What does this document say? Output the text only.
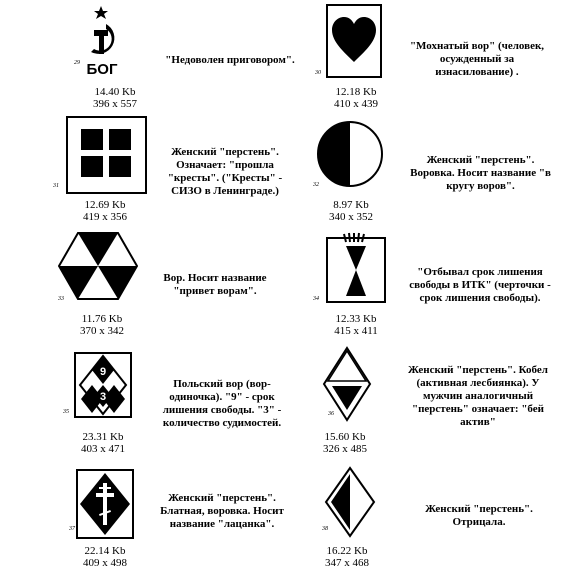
БОГ
29
14.40 Kb
396 x 557
"Недоволен приговором".
31
12.69 Kb
419 x 356
Женский "перстень".
Означает: "прошла
"кресты". ("Кресты" -
СИЗО в Ленинграде.)
33
11.76 Kb
370 x 342
Вор. Носит название
"привет ворам".
9
3
35
23.31 Kb
403 x 471
Польский вор (вор-
одиночка). "9" - срок
лишения свободы. "3" -
количество судимостей.
37
22.14 Kb
409 x 498
Женский "перстень".
Блатная, воровка. Носит
название "лацанка".
30
12.18 Kb
410 x 439
"Мохнатый вор" (человек,
осужденный за
изнасилование) .
32
8.97 Kb
340 x 352
Женский "перстень".
Воровка. Носит название "в
кругу воров".
34
12.33 Kb
415 x 411
"Отбывал срок лишения
свободы в ИТК" (черточки -
срок лишения свободы).
36
15.60 Kb
326 x 485
Женский "перстень". Кобел
(активная лесбиянка). У
мужчин аналогичный
"перстень" означает: "бей
актив"
38
16.22 Kb
347 x 468
Женский "перстень".
Отрицала.
